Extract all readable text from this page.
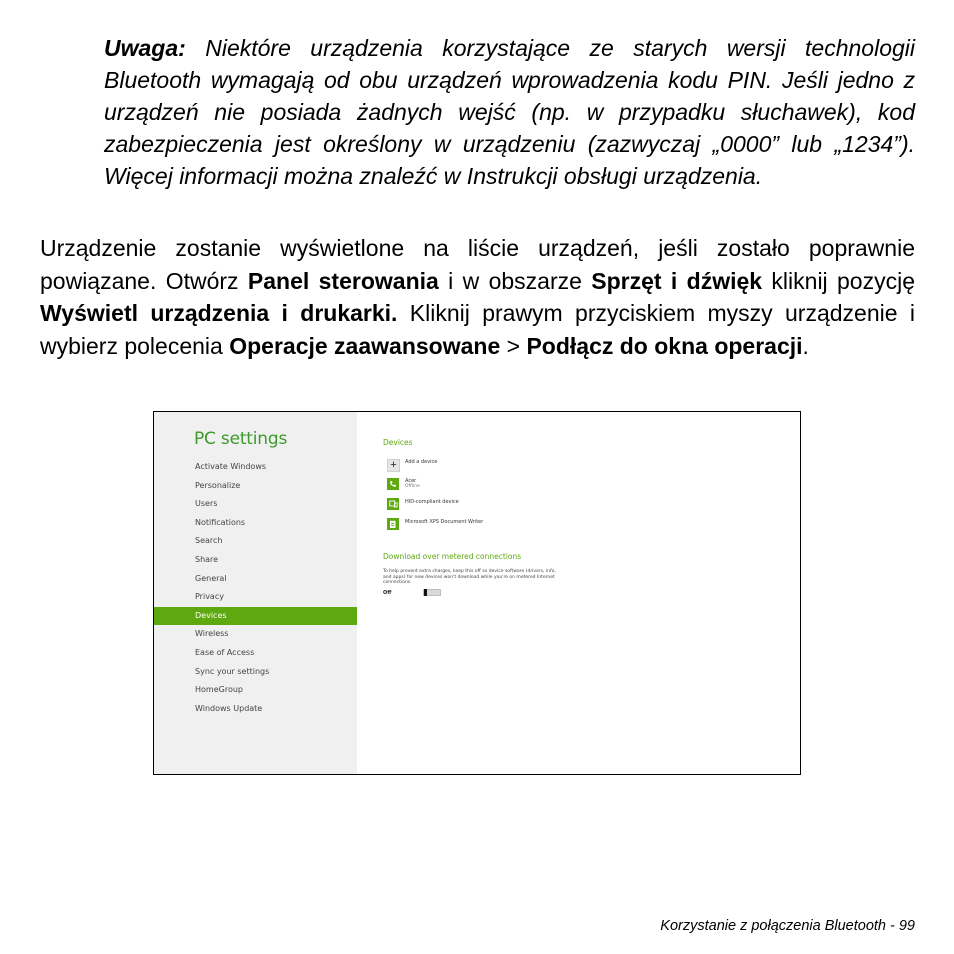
Uwaga: Niektóre urządzenia korzystające ze starych wersji technologii Bluetooth wymagają od obu urządzeń wprowadzenia kodu PIN. Jeśli jedno z urządzeń nie posiada żadnych wejść (np. w przypadku słuchawek), kod zabezpieczenia jest określony w urządzeniu (zazwyczaj „0000” lub „1234”). Więcej informacji można znaleźć w Instrukcji obsługi urządzenia.

Urządzenie zostanie wyświetlone na liście urządzeń, jeśli zostało poprawnie powiązane. Otwórz Panel sterowania i w obszarze Sprzęt i dźwięk kliknij pozycję Wyświetl urządzenia i drukarki. Kliknij prawym przyciskiem myszy urządzenie i wybierz polecenia Operacje zaawansowane > Podłącz do okna operacji.

PC settings
Activate Windows
Personalize
Users
Notifications
Search
Share
General
Privacy
Devices
Wireless
Ease of Access
Sync your settings
HomeGroup
Windows Update
Devices
+	Add a device
Acer
Offline
HID-compliant device
Microsoft XPS Document Writer
Download over metered connections
To help prevent extra charges, keep this off so device software (drivers, info, and apps) for new devices won't download while you're on metered Internet connections.
Off
Korzystanie z połączenia Bluetooth - 99
